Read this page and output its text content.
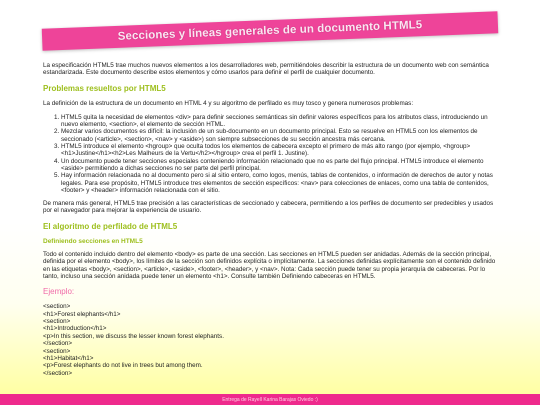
Secciones y líneas generales de un documento HTML5

La especificación HTML5 trae muchos nuevos elementos a los desarrolladores web, permitiéndoles describir la estructura de un documento web con semántica estandarizada. Este documento describe estos elementos y cómo usarlos para definir el perfil de cualquier documento.

Problemas resueltos por HTML5

La definición de la estructura de un documento en HTML 4 y su algoritmo de perfilado es muy tosco y genera numerosos problemas:

1. HTML5 quita la necesidad de elementos <div> para definir secciones semánticas sin definir valores específicos para los atributos class, introduciendo un nuevo elemento, <section>, el elemento de sección HTML.
2. Mezclar varios documentos es difícil: la inclusión de un sub-documento en un documento principal. Esto se resuelve en HTML5 con los elementos de seccionado (<article>, <section>, <nav> y <aside>) son siempre subsecciones de su sección ancestra más cercana.
3. HTML5 introduce el elemento <hgroup> que oculta todos los elementos de cabecera excepto el primero de más alto rango (por ejemplo, <hgroup><h1>Justine</h1><h2>Les Malheurs de la Vertu</h2></hgroup> crea el perfil 1. Justine).
4. Un documento puede tener secciones especiales conteniendo información relacionado que no es parte del flujo principal. HTML5 introduce el elemento <aside> permitiendo a dichas secciones no ser parte del perfil principal.
5. Hay información relacionada no al documento pero si al sitio entero, como logos, menús, tablas de contenidos, o información de derechos de autor y notas legales. Para ese propósito, HTML5 introduce tres elementos de sección específicos: <nav> para colecciones de enlaces, como una tabla de contenidos, <footer> y <header> información relacionada con el sitio.

De manera más general, HTML5 trae precisión a las características de seccionado y cabecera, permitiendo a los perfiles de documento ser predecibles y usados por el navegador para mejorar la experiencia de usuario.

El algoritmo de perfilado de HTML5
Definiendo secciones en HTML5

Todo el contenido incluido dentro del elemento <body> es parte de una sección. Las secciones en HTML5 pueden ser anidadas. Además de la sección principal, definida por el elemento <body>, los límites de la sección son definidos explícita o implícitamente. La secciones definidas explícitamente son el contenido definido en las etiquetas <body>, <section>, <article>, <aside>, <footer>, <header>, y <nav>. Nota: Cada sección puede tener su propia jerarquía de cabeceras. Por lo tanto, incluso una sección anidada puede tener un elemento <h1>. Consulte también Definiendo cabeceras en HTML5.

Ejemplo:
<section>
<h1>Forest elephants</h1>
<section>
<h1>Introduction</h1>
<p>In this section, we discuss the lesser known forest elephants.
</section>
<section>
<h1>Habitat</h1>
<p>Forest elephants do not live in trees but among them.
</section>
Entrega de Rayell Karina Barajas Oviedo :)
